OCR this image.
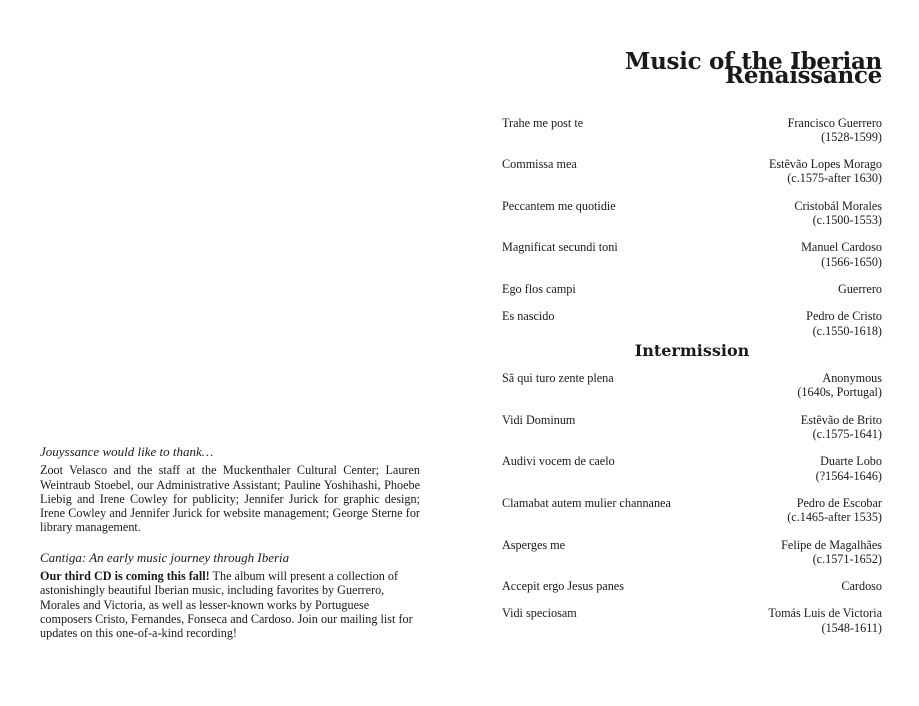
Jouyssance would like to thank…
Zoot Velasco and the staff at the Muckenthaler Cultural Center; Lauren Weintraub Stoebel, our Administrative Assistant; Pauline Yoshihashi, Phoebe Liebig and Irene Cowley for publicity; Jennifer Jurick for graphic design; Irene Cowley and Jennifer Jurick for website management; George Sterne for library management.
Cantiga: An early music journey through Iberia
Our third CD is coming this fall! The album will present a collection of astonishingly beautiful Iberian music, including favorites by Guerrero, Morales and Victoria, as well as lesser-known works by Portuguese composers Cristo, Fernandes, Fonseca and Cardoso. Join our mailing list for updates on this one-of-a-kind recording!
Music of the Iberian Renaissance
Trahe me post te	Francisco Guerrero
(1528-1599)
Commissa mea	Estêvão Lopes Morago
(c.1575-after 1630)
Peccantem me quotidie	Cristobál Morales
(c.1500-1553)
Magnificat secundi toni	Manuel Cardoso
(1566-1650)
Ego flos campi	Guerrero
Es nascido	Pedro de Cristo
(c.1550-1618)
Intermission
Sã qui turo zente plena	Anonymous
(1640s, Portugal)
Vidi Dominum	Estêvão de Brito
(c.1575-1641)
Audivi vocem de caelo	Duarte Lobo
(?1564-1646)
Clamabat autem mulier channanea	Pedro de Escobar
(c.1465-after 1535)
Asperges me	Felipe de Magalhães
(c.1571-1652)
Accepit ergo Jesus panes	Cardoso
Vidi speciosam	Tomás Luis de Victoria
(1548-1611)
